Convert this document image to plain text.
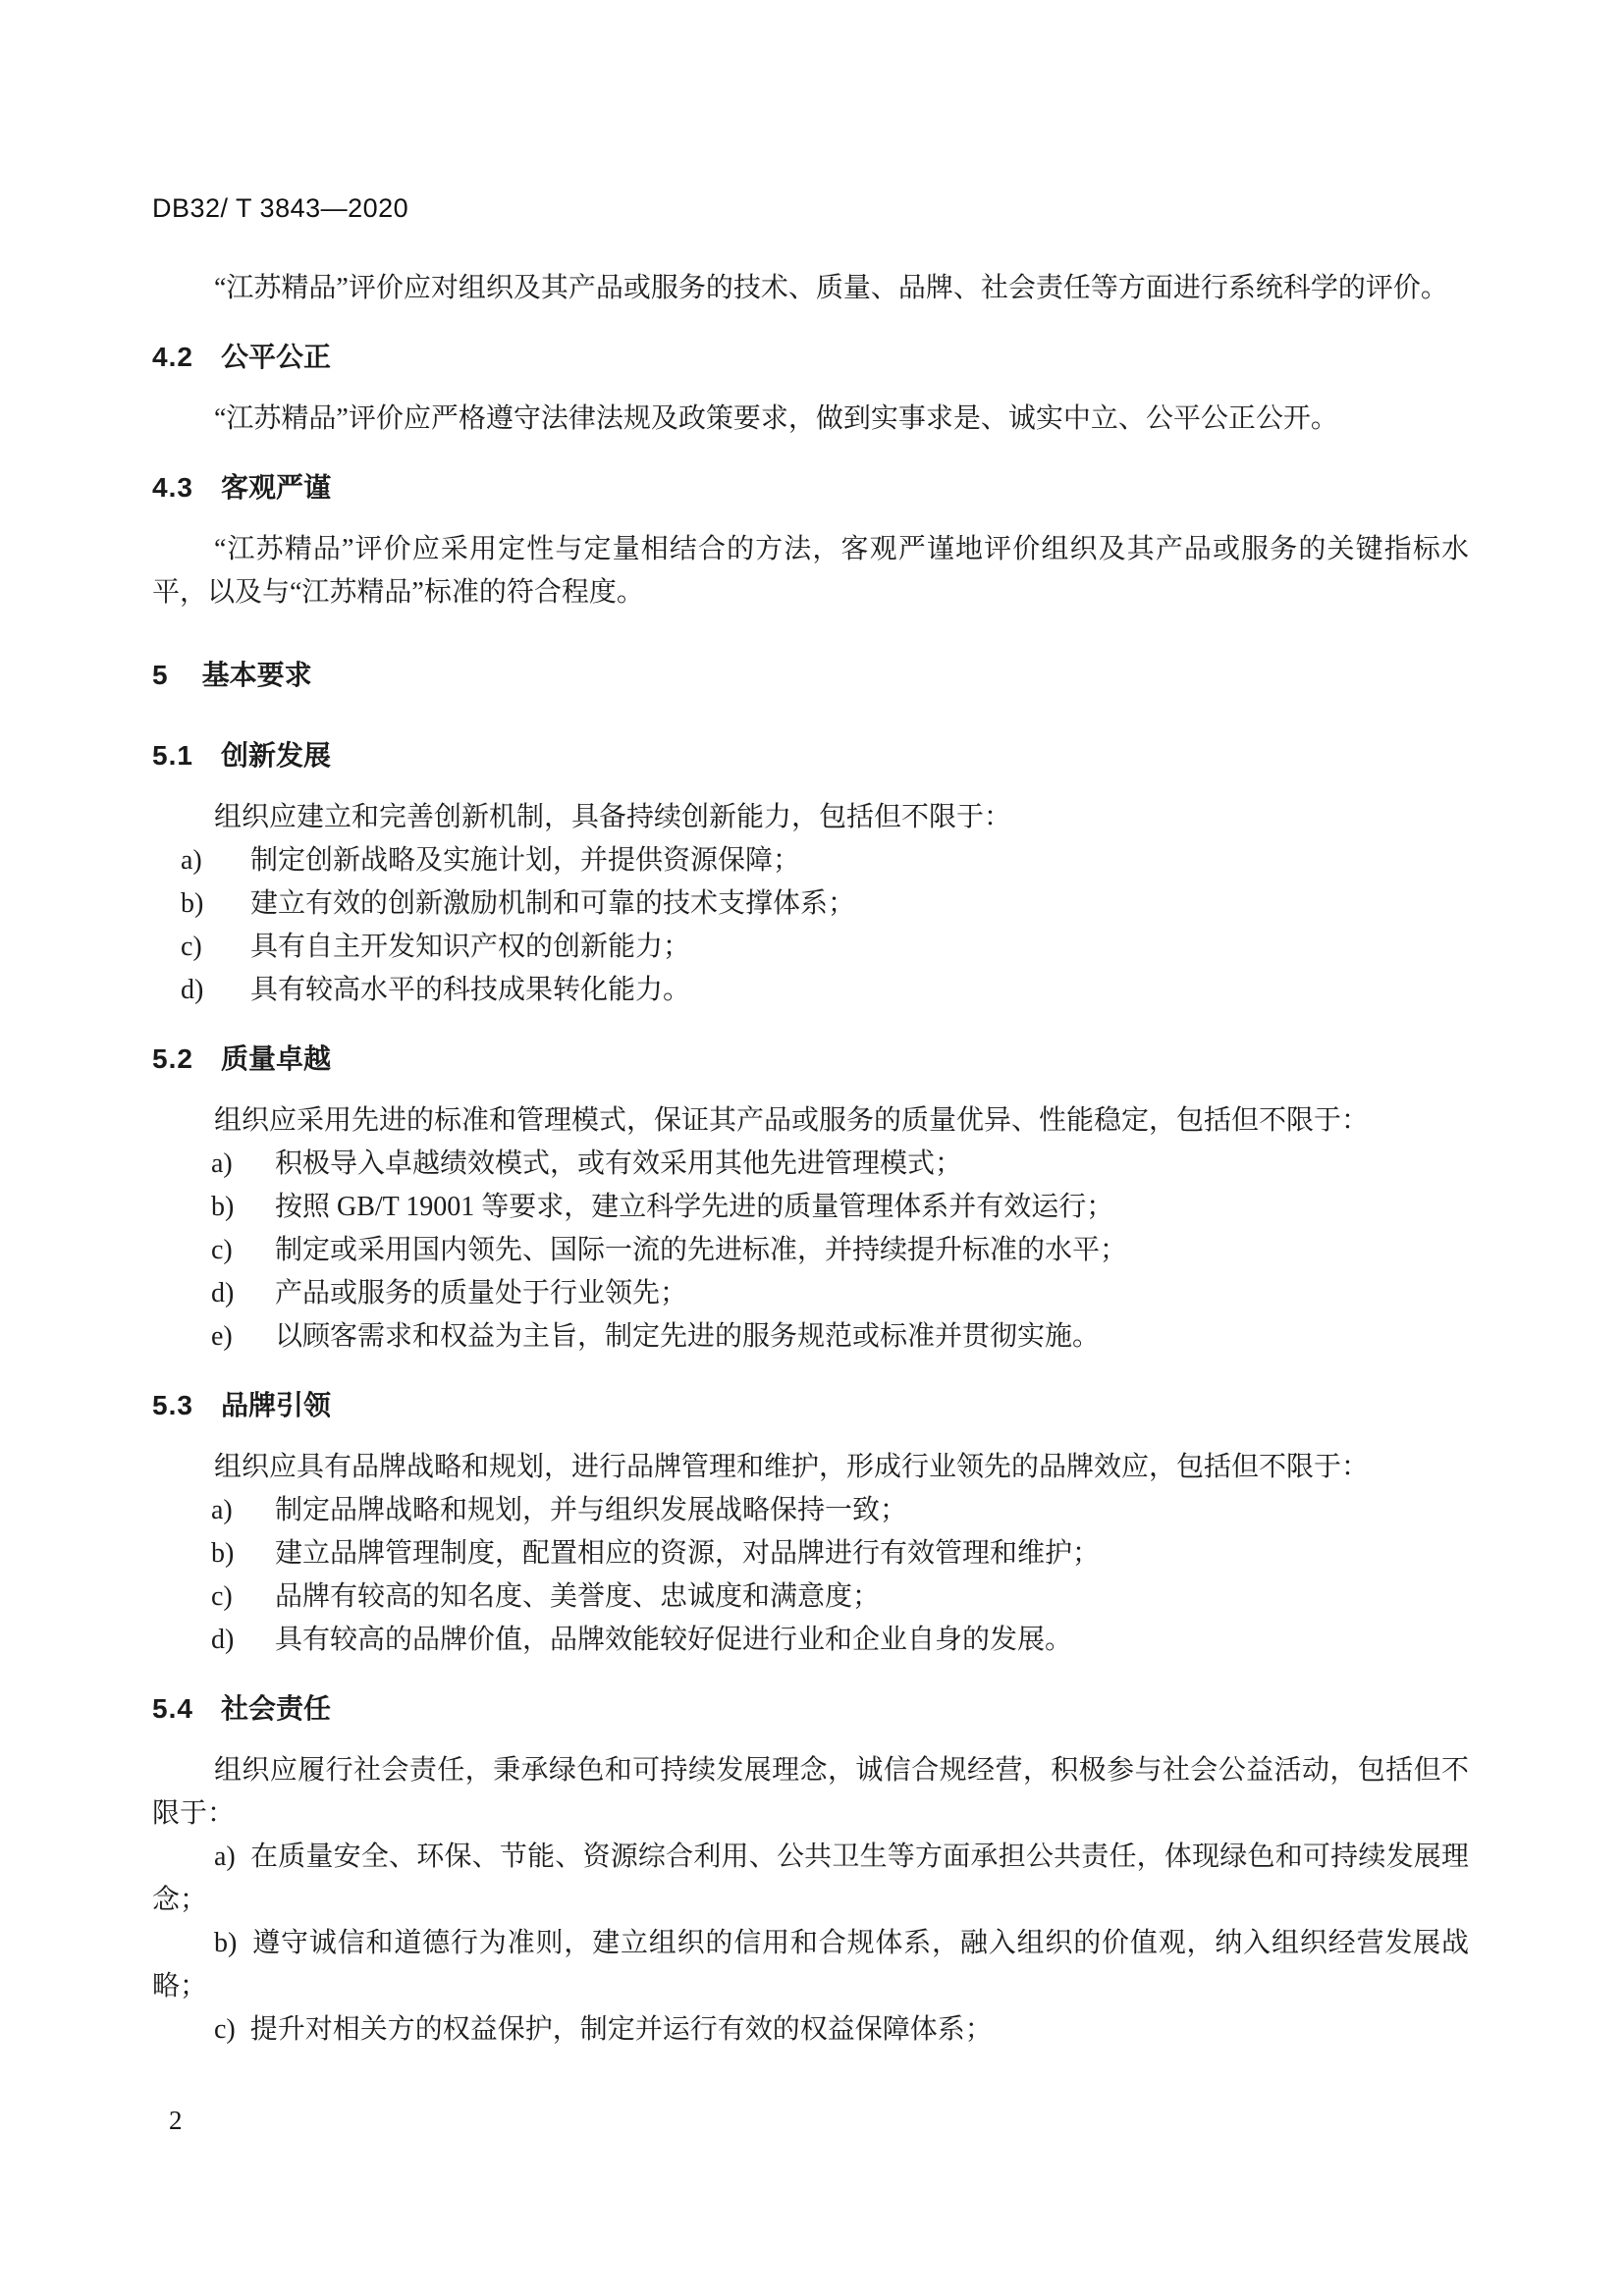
DB32/ T 3843—2020

“江苏精品”评价应对组织及其产品或服务的技术、质量、品牌、社会责任等方面进行系统科学的评价。

4.2 公平公正

“江苏精品”评价应严格遵守法律法规及政策要求，做到实事求是、诚实中立、公平公正公开。

4.3 客观严谨

“江苏精品”评价应采用定性与定量相结合的方法，客观严谨地评价组织及其产品或服务的关键指标水平，以及与“江苏精品”标准的符合程度。

5 基本要求
5.1 创新发展

组织应建立和完善创新机制，具备持续创新能力，包括但不限于：

a) 制定创新战略及实施计划，并提供资源保障；
b) 建立有效的创新激励机制和可靠的技术支撑体系；
c) 具有自主开发知识产权的创新能力；
d) 具有较高水平的科技成果转化能力。
5.2 质量卓越

组织应采用先进的标准和管理模式，保证其产品或服务的质量优异、性能稳定，包括但不限于：

a) 积极导入卓越绩效模式，或有效采用其他先进管理模式；
b) 按照 GB/T 19001 等要求，建立科学先进的质量管理体系并有效运行；
c) 制定或采用国内领先、国际一流的先进标准，并持续提升标准的水平；
d) 产品或服务的质量处于行业领先；
e) 以顾客需求和权益为主旨，制定先进的服务规范或标准并贯彻实施。
5.3 品牌引领

组织应具有品牌战略和规划，进行品牌管理和维护，形成行业领先的品牌效应，包括但不限于：

a) 制定品牌战略和规划，并与组织发展战略保持一致；
b) 建立品牌管理制度，配置相应的资源，对品牌进行有效管理和维护；
c) 品牌有较高的知名度、美誉度、忠诚度和满意度；
d) 具有较高的品牌价值，品牌效能较好促进行业和企业自身的发展。
5.4 社会责任

组织应履行社会责任，秉承绿色和可持续发展理念，诚信合规经营，积极参与社会公益活动，包括但不限于：

a) 在质量安全、环保、节能、资源综合利用、公共卫生等方面承担公共责任，体现绿色和可持续发展理念；
b) 遵守诚信和道德行为准则，建立组织的信用和合规体系，融入组织的价值观，纳入组织经营发展战略；
c) 提升对相关方的权益保护，制定并运行有效的权益保障体系；
2
